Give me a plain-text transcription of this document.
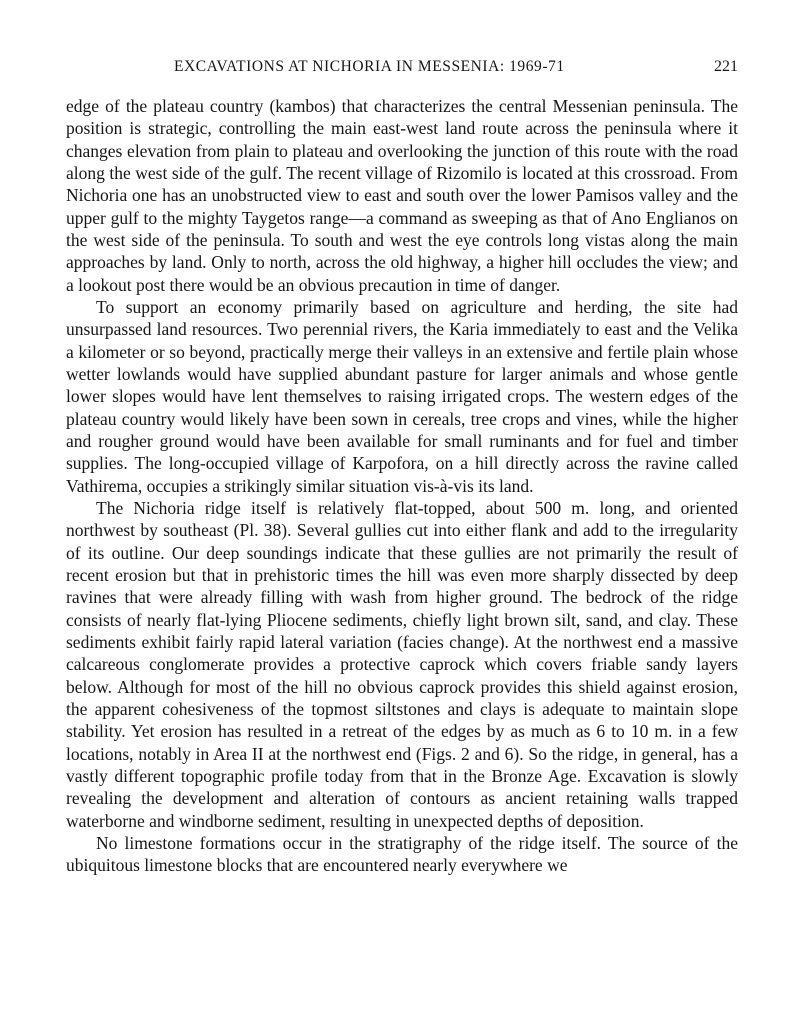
EXCAVATIONS AT NICHORIA IN MESSENIA: 1969-71	221

edge of the plateau country (kambos) that characterizes the central Messenian peninsula. The position is strategic, controlling the main east-west land route across the peninsula where it changes elevation from plain to plateau and overlooking the junction of this route with the road along the west side of the gulf. The recent village of Rizomilo is located at this crossroad. From Nichoria one has an unobstructed view to east and south over the lower Pamisos valley and the upper gulf to the mighty Taygetos range—a command as sweeping as that of Ano Englianos on the west side of the peninsula. To south and west the eye controls long vistas along the main approaches by land. Only to north, across the old highway, a higher hill occludes the view; and a lookout post there would be an obvious precaution in time of danger.

To support an economy primarily based on agriculture and herding, the site had unsurpassed land resources. Two perennial rivers, the Karia immediately to east and the Velika a kilometer or so beyond, practically merge their valleys in an extensive and fertile plain whose wetter lowlands would have supplied abundant pasture for larger animals and whose gentle lower slopes would have lent themselves to raising irrigated crops. The western edges of the plateau country would likely have been sown in cereals, tree crops and vines, while the higher and rougher ground would have been available for small ruminants and for fuel and timber supplies. The long-occupied village of Karpofora, on a hill directly across the ravine called Vathirema, occupies a strikingly similar situation vis-à-vis its land.

The Nichoria ridge itself is relatively flat-topped, about 500 m. long, and oriented northwest by southeast (Pl. 38). Several gullies cut into either flank and add to the irregularity of its outline. Our deep soundings indicate that these gullies are not primarily the result of recent erosion but that in prehistoric times the hill was even more sharply dissected by deep ravines that were already filling with wash from higher ground. The bedrock of the ridge consists of nearly flat-lying Pliocene sediments, chiefly light brown silt, sand, and clay. These sediments exhibit fairly rapid lateral variation (facies change). At the northwest end a massive calcareous conglomerate provides a protective caprock which covers friable sandy layers below. Although for most of the hill no obvious caprock provides this shield against erosion, the apparent cohesiveness of the topmost siltstones and clays is adequate to maintain slope stability. Yet erosion has resulted in a retreat of the edges by as much as 6 to 10 m. in a few locations, notably in Area II at the northwest end (Figs. 2 and 6). So the ridge, in general, has a vastly different topographic profile today from that in the Bronze Age. Excavation is slowly revealing the development and alteration of contours as ancient retaining walls trapped waterborne and windborne sediment, resulting in unexpected depths of deposition.

No limestone formations occur in the stratigraphy of the ridge itself. The source of the ubiquitous limestone blocks that are encountered nearly everywhere we
